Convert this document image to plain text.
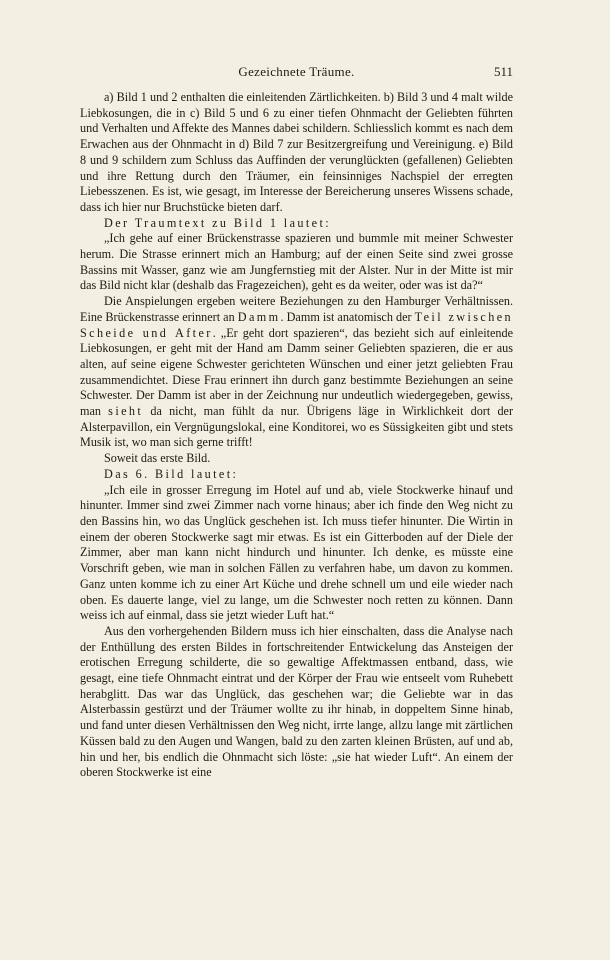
Gezeichnete Träume.	511

a) Bild 1 und 2 enthalten die einleitenden Zärtlichkeiten. b) Bild 3 und 4 malt wilde Liebkosungen, die in c) Bild 5 und 6 zu einer tiefen Ohnmacht der Geliebten führten und Verhalten und Affekte des Mannes dabei schildern. Schliesslich kommt es nach dem Erwachen aus der Ohnmacht in d) Bild 7 zur Besitzergreifung und Vereinigung. e) Bild 8 und 9 schildern zum Schluss das Auffinden der verunglückten (gefallenen) Geliebten und ihre Rettung durch den Träumer, ein feinsinniges Nachspiel der erregten Liebesszenen. Es ist, wie gesagt, im Interesse der Bereicherung unseres Wissens schade, dass ich hier nur Bruchstücke bieten darf.

Der Traumtext zu Bild 1 lautet:

„Ich gehe auf einer Brückenstrasse spazieren und bummle mit meiner Schwester herum. Die Strasse erinnert mich an Hamburg; auf der einen Seite sind zwei grosse Bassins mit Wasser, ganz wie am Jungfernstieg mit der Alster. Nur in der Mitte ist mir das Bild nicht klar (deshalb das Fragezeichen), geht es da weiter, oder was ist da?“

Die Anspielungen ergeben weitere Beziehungen zu den Hamburger Verhältnissen. Eine Brückenstrasse erinnert an Damm. Damm ist anatomisch der Teil zwischen Scheide und After. „Er geht dort spazieren“, das bezieht sich auf einleitende Liebkosungen, er geht mit der Hand am Damm seiner Geliebten spazieren, die er aus alten, auf seine eigene Schwester gerichteten Wünschen und einer jetzt geliebten Frau zusammendichtet. Diese Frau erinnert ihn durch ganz bestimmte Beziehungen an seine Schwester. Der Damm ist aber in der Zeichnung nur undeutlich wiedergegeben, gewiss, man sieht da nicht, man fühlt da nur. Übrigens läge in Wirklichkeit dort der Alsterpavillon, ein Vergnügungslokal, eine Konditorei, wo es Süssigkeiten gibt und stets Musik ist, wo man sich gerne trifft!

Soweit das erste Bild.

Das 6. Bild lautet:

„Ich eile in grosser Erregung im Hotel auf und ab, viele Stockwerke hinauf und hinunter. Immer sind zwei Zimmer nach vorne hinaus; aber ich finde den Weg nicht zu den Bassins hin, wo das Unglück geschehen ist. Ich muss tiefer hinunter. Die Wirtin in einem der oberen Stockwerke sagt mir etwas. Es ist ein Gitterboden auf der Diele der Zimmer, aber man kann nicht hindurch und hinunter. Ich denke, es müsste eine Vorschrift geben, wie man in solchen Fällen zu verfahren habe, um davon zu kommen. Ganz unten komme ich zu einer Art Küche und drehe schnell um und eile wieder nach oben. Es dauerte lange, viel zu lange, um die Schwester noch retten zu können. Dann weiss ich auf einmal, dass sie jetzt wieder Luft hat.“

Aus den vorhergehenden Bildern muss ich hier einschalten, dass die Analyse nach der Enthüllung des ersten Bildes in fortschreitender Entwickelung das Ansteigen der erotischen Erregung schilderte, die so gewaltige Affektmassen entband, dass, wie gesagt, eine tiefe Ohnmacht eintrat und der Körper der Frau wie entseelt vom Ruhebett herabglitt. Das war das Unglück, das geschehen war; die Geliebte war in das Alsterbassin gestürzt und der Träumer wollte zu ihr hinab, in doppeltem Sinne hinab, und fand unter diesen Verhältnissen den Weg nicht, irrte lange, allzu lange mit zärtlichen Küssen bald zu den Augen und Wangen, bald zu den zarten kleinen Brüsten, auf und ab, hin und her, bis endlich die Ohnmacht sich löste: „sie hat wieder Luft“. An einem der oberen Stockwerke ist eine
